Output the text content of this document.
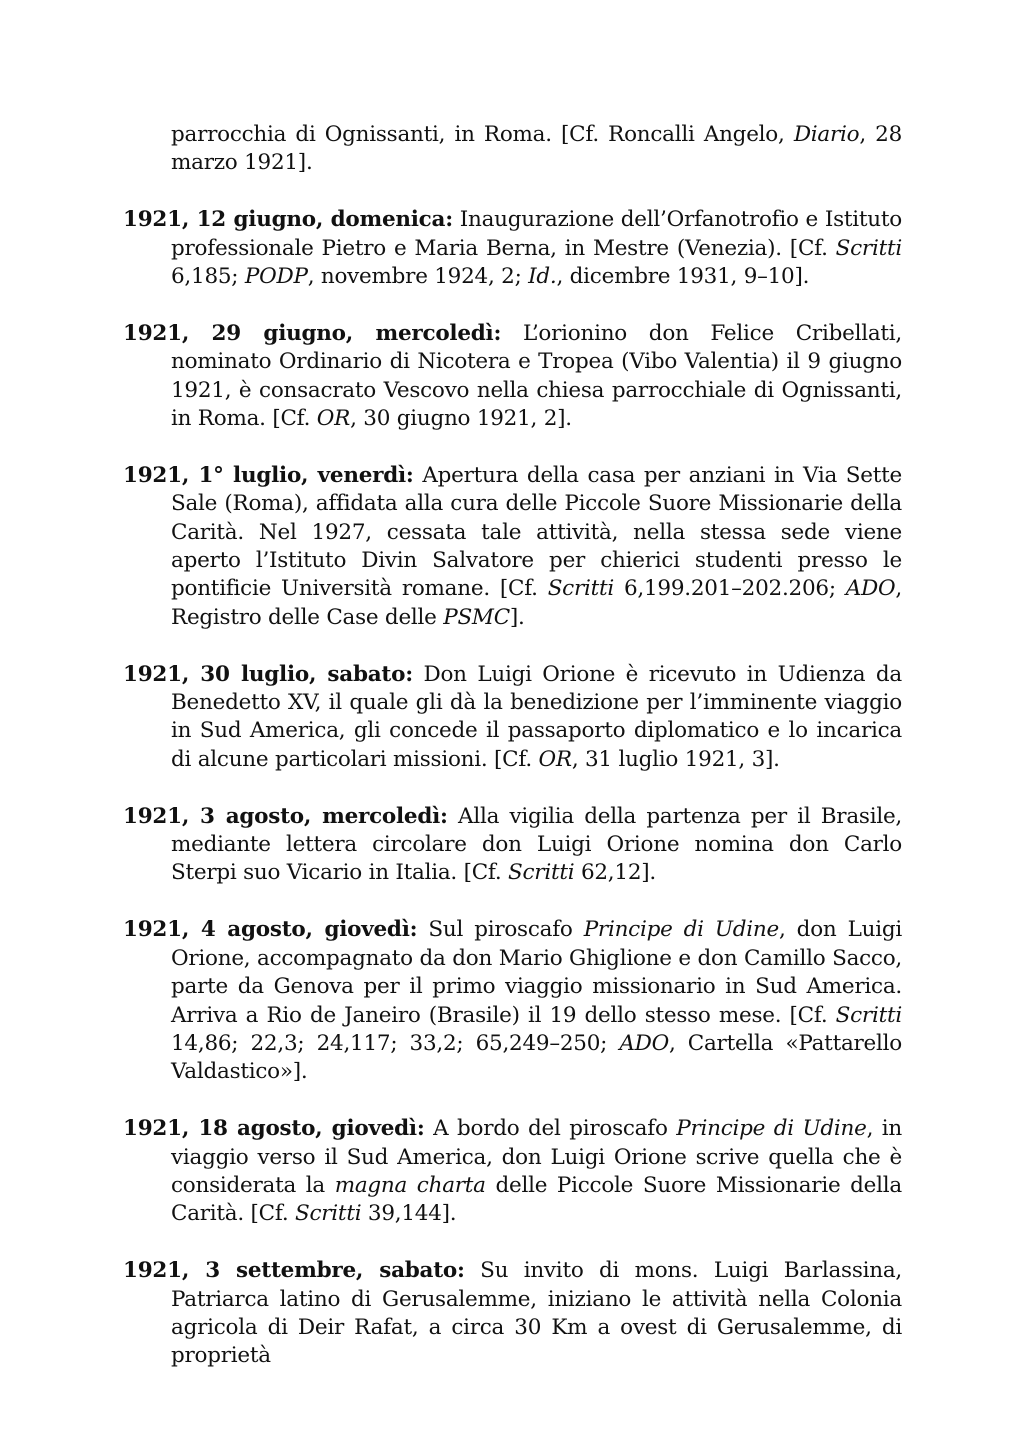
parrocchia di Ognissanti, in Roma. [Cf. Roncalli Angelo, Diario, 28 marzo 1921].

1921, 12 giugno, domenica: Inaugurazione dell’Orfanotrofio e Istituto professionale Pietro e Maria Berna, in Mestre (Venezia). [Cf. Scritti 6,185; PODP, novembre 1924, 2; Id., dicembre 1931, 9–10].

1921, 29 giugno, mercoledì: L’orionino don Felice Cribellati, nominato Ordinario di Nicotera e Tropea (Vibo Valentia) il 9 giugno 1921, è consacrato Vescovo nella chiesa parrocchiale di Ognissanti, in Roma. [Cf. OR, 30 giugno 1921, 2].

1921, 1° luglio, venerdì: Apertura della casa per anziani in Via Sette Sale (Roma), affidata alla cura delle Piccole Suore Missionarie della Carità. Nel 1927, cessata tale attività, nella stessa sede viene aperto l’Istituto Divin Salvatore per chierici studenti presso le pontificie Università romane. [Cf. Scritti 6,199.201–202.206; ADO, Registro delle Case delle PSMC].

1921, 30 luglio, sabato: Don Luigi Orione è ricevuto in Udienza da Benedetto XV, il quale gli dà la benedizione per l’imminente viaggio in Sud America, gli concede il passaporto diplomatico e lo incarica di alcune particolari missioni. [Cf. OR, 31 luglio 1921, 3].

1921, 3 agosto, mercoledì: Alla vigilia della partenza per il Brasile, mediante lettera circolare don Luigi Orione nomina don Carlo Sterpi suo Vicario in Italia. [Cf. Scritti 62,12].

1921, 4 agosto, giovedì: Sul piroscafo Principe di Udine, don Luigi Orione, accompagnato da don Mario Ghiglione e don Camillo Sacco, parte da Genova per il primo viaggio missionario in Sud America. Arriva a Rio de Janeiro (Brasile) il 19 dello stesso mese. [Cf. Scritti 14,86; 22,3; 24,117; 33,2; 65,249–250; ADO, Cartella «Pattarello Valdastico»].

1921, 18 agosto, giovedì: A bordo del piroscafo Principe di Udine, in viaggio verso il Sud America, don Luigi Orione scrive quella che è considerata la magna charta delle Piccole Suore Missionarie della Carità. [Cf. Scritti 39,144].

1921, 3 settembre, sabato: Su invito di mons. Luigi Barlassina, Patriarca latino di Gerusalemme, iniziano le attività nella Colonia agricola di Deir Rafat, a circa 30 Km a ovest di Gerusalemme, di proprietà
